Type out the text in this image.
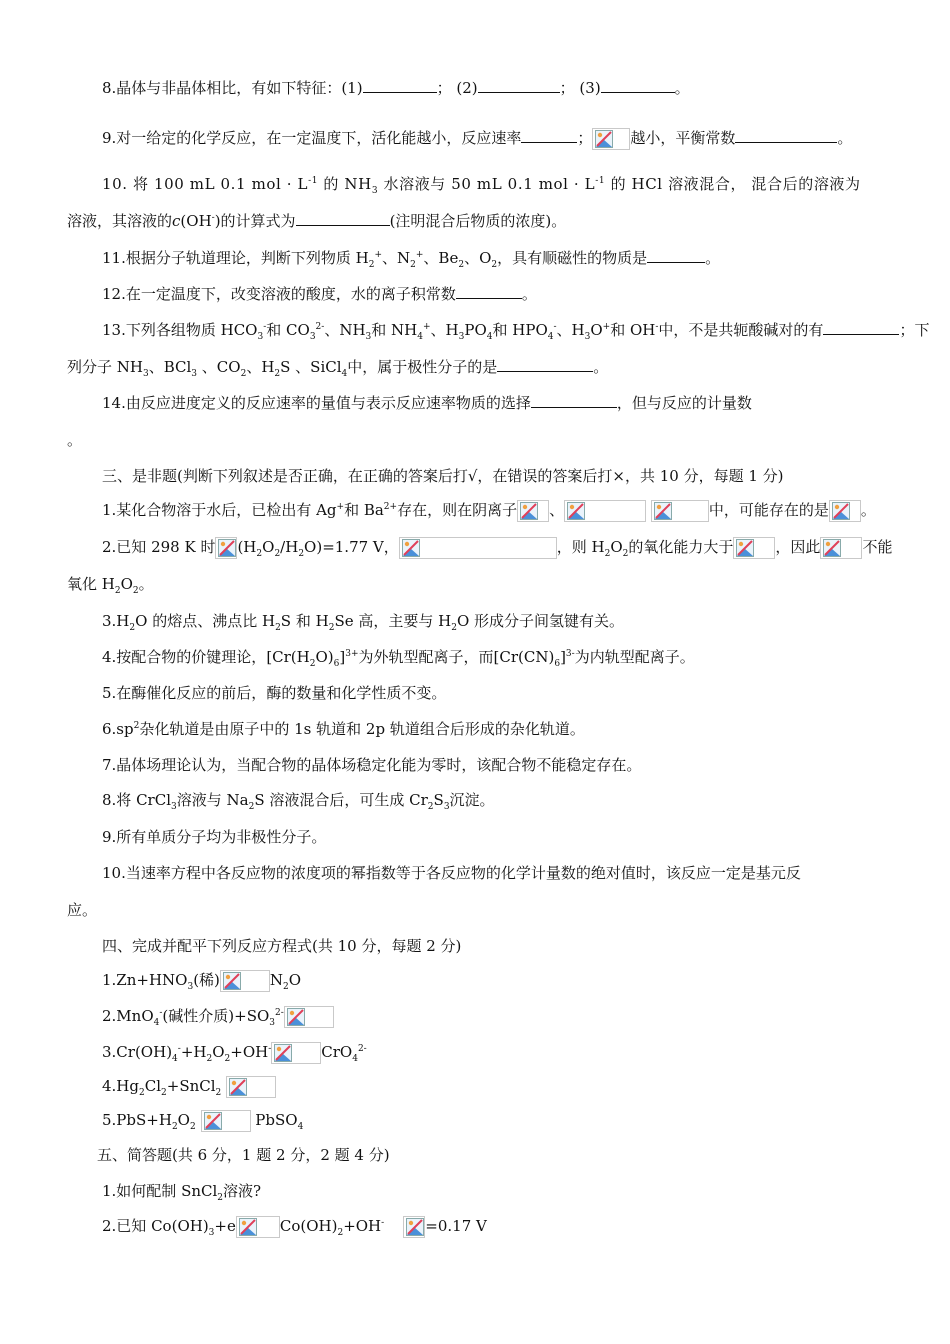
8.晶体与非晶体相比，有如下特征：(1)	； (2)	； (3)	。
9.对一给定的化学反应，在一定温度下，活化能越小，反应速率	；	越小，平衡常数	。
10. 将 100 mL 0.1 mol · $L^{-1}$ 的 $NH_3$ 水溶液与 50 mL 0.1 mol · $L^{-1}$ 的 HCl 溶液混合， 混合后的溶液为
溶液，其溶液的c(OH-)的计算式为	(注明混合后物质的浓度)。
11.根据分子轨道理论，判断下列物质 $H_2^+$、$N_2^+$、$Be_2$、$O_2$，具有顺磁性的物质是	。
12.在一定温度下，改变溶液的酸度，水的离子积常数	。
13.下列各组物质 $HCO_3^-$和 $CO_3^{2-}$、$NH_3$和 $NH_4^+$、$H_3PO_4$和 $HPO_4^-$、$H_3O^+$和 OH-中，不是共轭酸碱对的有	；下
列分子 $NH_3$、BCl$_3$ 、$CO_2$、$H_2S$ 、SiCl$_4$中，属于极性分子的是	。
14.由反应进度定义的反应速率的量值与表示反应速率物质的选择	，但与反应的计量数
。
三、是非题(判断下列叙述是否正确，在正确的答案后打√，在错误的答案后打×，共 10 分，每题 1 分)
1.某化合物溶于水后，已检出有 Ag+和 $Ba^{2+}$存在，则在阴离子 、
	中，可能存在的是 。
2.已知 298 K 时 $(H_2O_2/H_2O)=1.77$ V，	，则 $H_2O_2$的氧化能力大于	，因此	不能
氧化 $H_2O_2$。
$3.H_2O$ 的熔点、沸点比 $H_2S$ 和 $H_2Se$ 高，主要与 $H_2O$ 形成分子间氢键有关。
4.按配合物的价键理论，$[Cr(H_2O)_6]^{3+}$为外轨型配离子，而$[Cr(CN)_6]^{3-}$为内轨型配离子。
5.在酶催化反应的前后，酶的数量和化学性质不变。
$6.sp^2$杂化轨道是由原子中的 1s 轨道和 2p 轨道组合后形成的杂化轨道。
7.晶体场理论认为，当配合物的晶体场稳定化能为零时，该配合物不能稳定存在。
8.将 CrCl$_3$溶液与 $Na_2S$ 溶液混合后，可生成 $Cr_2S_3$沉淀。
9.所有单质分子均为非极性分子。
10.当速率方程中各反应物的浓度项的幂指数等于各反应物的化学计量数的绝对值时，该反应一定是基元反
应。
四、完成并配平下列反应方程式(共 10 分，每题 2 分)
$1.Zn+HNO_3$(稀)	$N_2O$
2.MnO$_4$-(碱性介质)$+SO_3^{2-}$
$3.Cr(OH)_4^-+H_2O_2+OH^-$	CrO$_4^{2-}$
$4.Hg_2Cl_2+SnCl_2$
$5.PbS+H_2O_2$	PbSO$_4$
五、简答题(共 6 分，1 题 2 分，2 题 4 分)
1.如何配制 SnCl$_2$溶液?
2.已知 $Co(OH)_3+e$	$Co(OH)_2+OH^-$	=0.17 V
